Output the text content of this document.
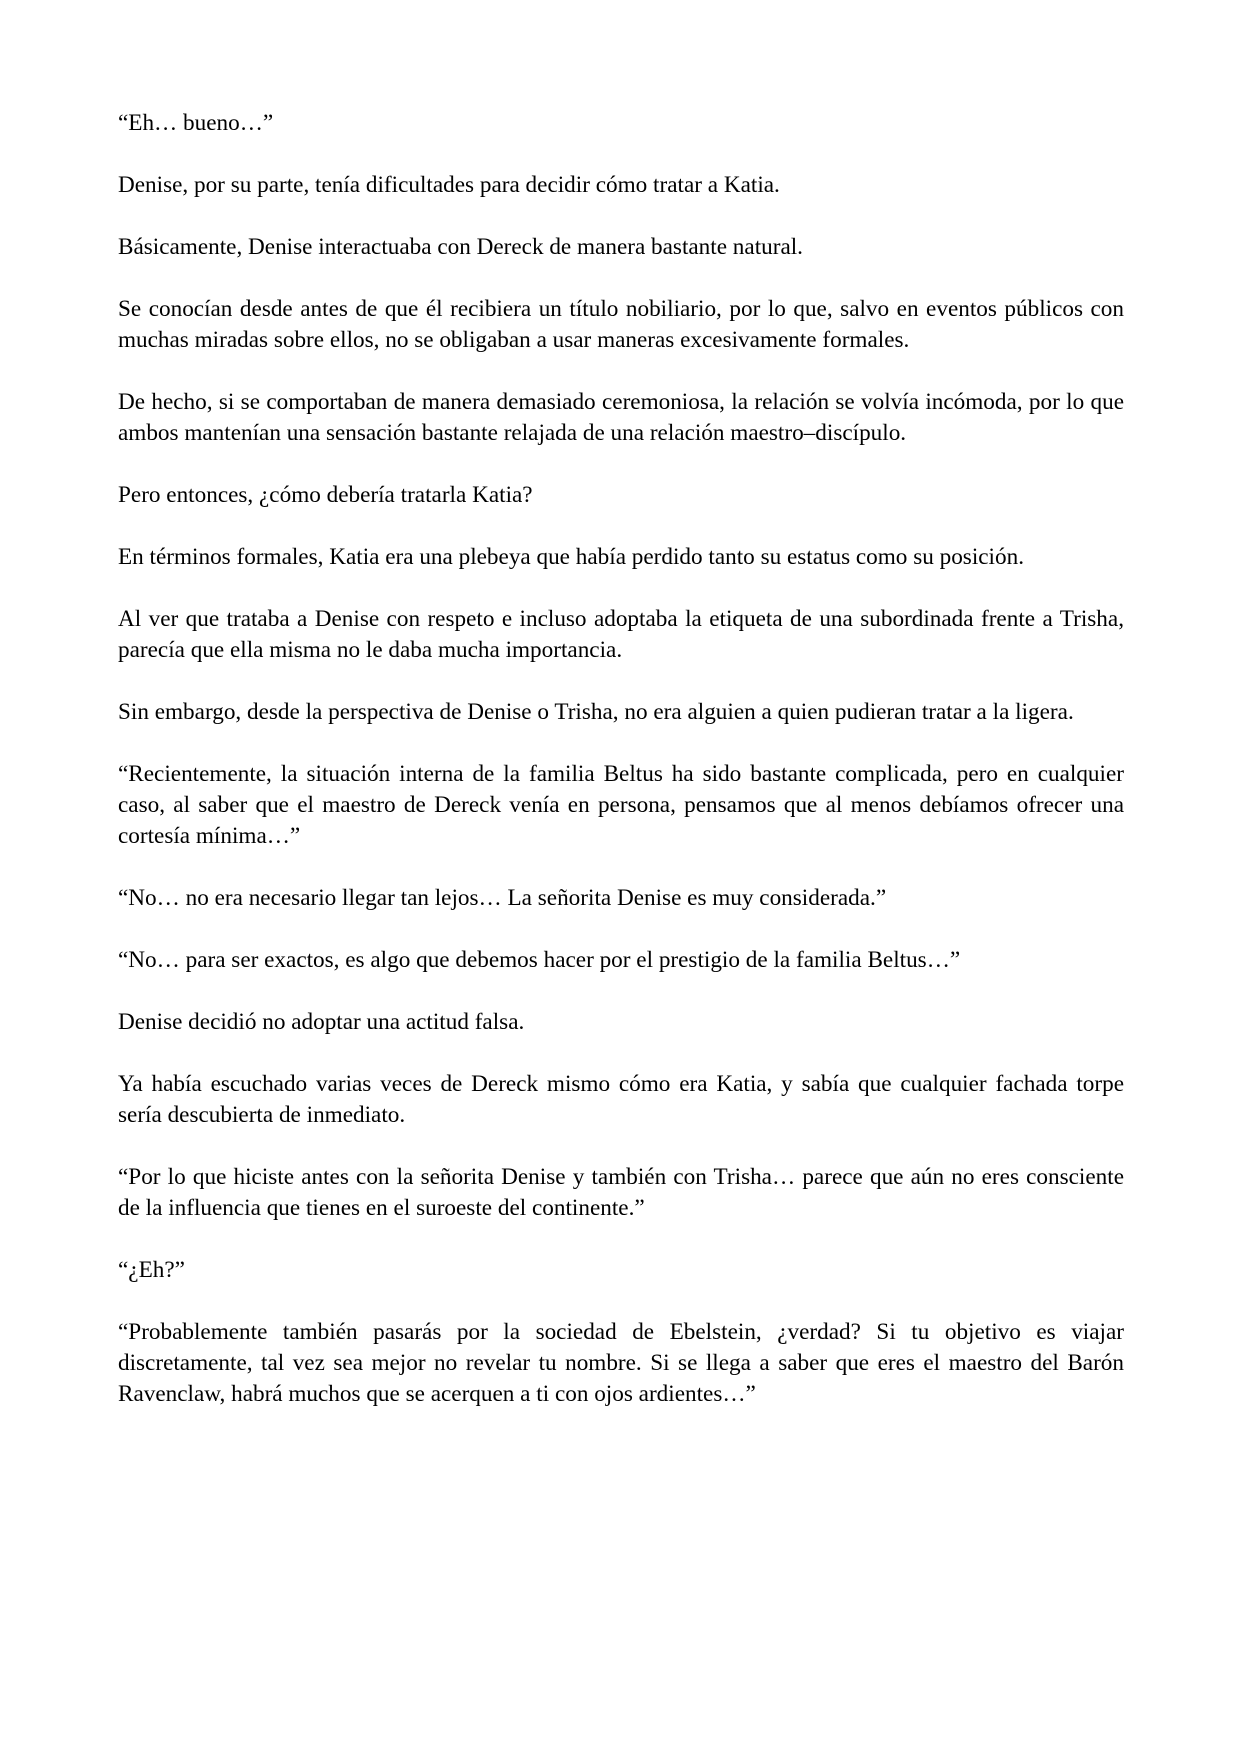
“Eh… bueno…”

Denise, por su parte, tenía dificultades para decidir cómo tratar a Katia.

Básicamente, Denise interactuaba con Dereck de manera bastante natural.

Se conocían desde antes de que él recibiera un título nobiliario, por lo que, salvo en eventos públicos con muchas miradas sobre ellos, no se obligaban a usar maneras excesivamente formales.

De hecho, si se comportaban de manera demasiado ceremoniosa, la relación se volvía incómoda, por lo que ambos mantenían una sensación bastante relajada de una relación maestro–discípulo.

Pero entonces, ¿cómo debería tratarla Katia?

En términos formales, Katia era una plebeya que había perdido tanto su estatus como su posición.

Al ver que trataba a Denise con respeto e incluso adoptaba la etiqueta de una subordinada frente a Trisha, parecía que ella misma no le daba mucha importancia.

Sin embargo, desde la perspectiva de Denise o Trisha, no era alguien a quien pudieran tratar a la ligera.

“Recientemente, la situación interna de la familia Beltus ha sido bastante complicada, pero en cualquier caso, al saber que el maestro de Dereck venía en persona, pensamos que al menos debíamos ofrecer una cortesía mínima…”

“No… no era necesario llegar tan lejos… La señorita Denise es muy considerada.”

“No… para ser exactos, es algo que debemos hacer por el prestigio de la familia Beltus…”

Denise decidió no adoptar una actitud falsa.

Ya había escuchado varias veces de Dereck mismo cómo era Katia, y sabía que cualquier fachada torpe sería descubierta de inmediato.

“Por lo que hiciste antes con la señorita Denise y también con Trisha… parece que aún no eres consciente de la influencia que tienes en el suroeste del continente.”

“¿Eh?”

“Probablemente también pasarás por la sociedad de Ebelstein, ¿verdad? Si tu objetivo es viajar discretamente, tal vez sea mejor no revelar tu nombre. Si se llega a saber que eres el maestro del Barón Ravenclaw, habrá muchos que se acerquen a ti con ojos ardientes…”
